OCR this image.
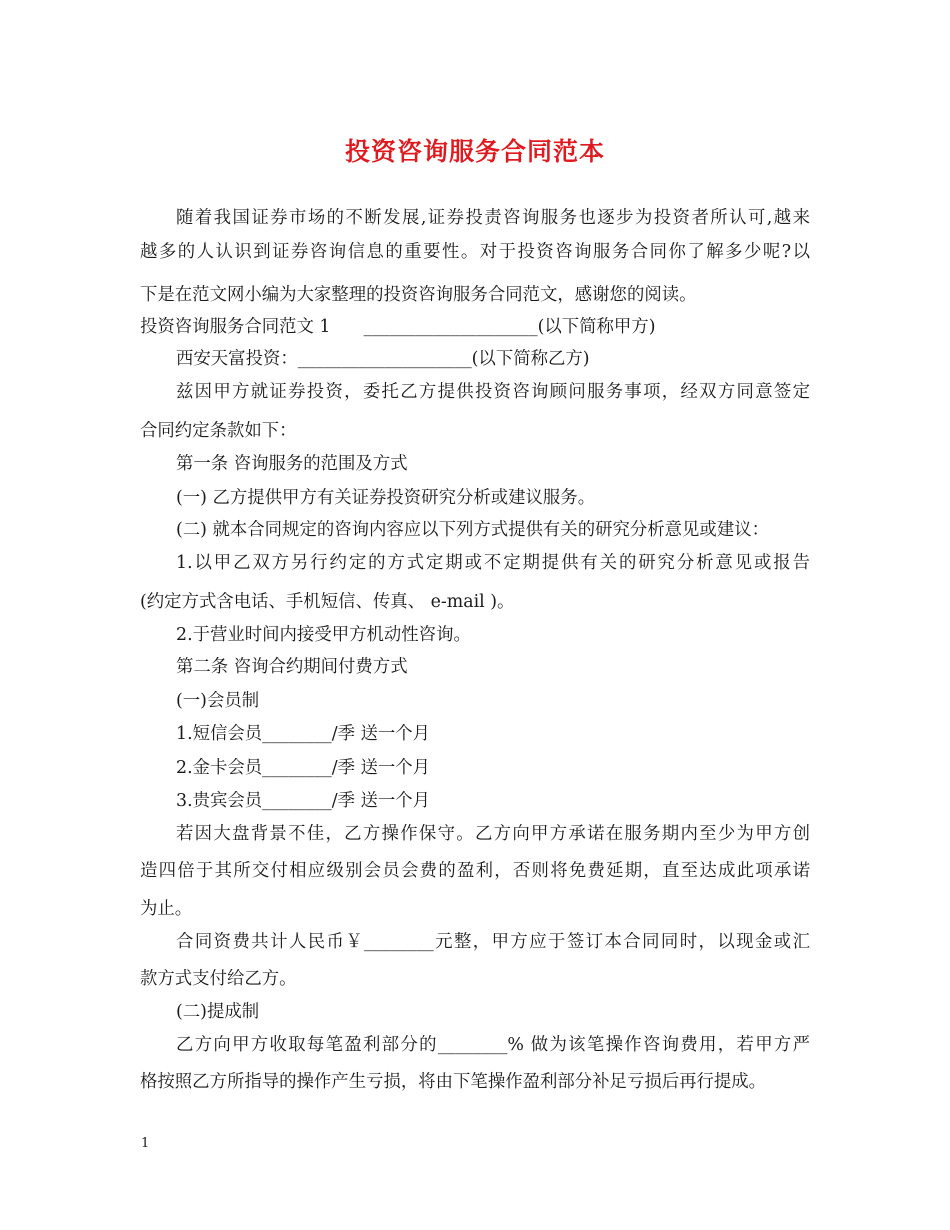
投资咨询服务合同范本

随着我国证券市场的不断发展,证券投责咨询服务也逐步为投资者所认可,越来

越多的人认识到证券咨询信息的重要性。对于投资咨询服务合同你了解多少呢?以

下是在范文网小编为大家整理的投资咨询服务合同范文，感谢您的阅读。

投资咨询服务合同范文 1      ____________________(以下简称甲方)

西安天富投资：____________________(以下简称乙方)

兹因甲方就证券投资，委托乙方提供投资咨询顾问服务事项，经双方同意签定

合同约定条款如下：

第一条 咨询服务的范围及方式

(一) 乙方提供甲方有关证券投资研究分析或建议服务。

(二) 就本合同规定的咨询内容应以下列方式提供有关的研究分析意见或建议：

1.以甲乙双方另行约定的方式定期或不定期提供有关的研究分析意见或报告

(约定方式含电话、手机短信、传真、 e-mail )。

2.于营业时间内接受甲方机动性咨询。

第二条 咨询合约期间付费方式

(一)会员制

1.短信会员________/季 送一个月

2.金卡会员________/季 送一个月

3.贵宾会员________/季 送一个月

若因大盘背景不佳，乙方操作保守。乙方向甲方承诺在服务期内至少为甲方创

造四倍于其所交付相应级别会员会费的盈利，否则将免费延期，直至达成此项承诺

为止。

合同资费共计人民币￥________元整，甲方应于签订本合同同时，以现金或汇

款方式支付给乙方。

(二)提成制

乙方向甲方收取每笔盈利部分的________% 做为该笔操作咨询费用，若甲方严

格按照乙方所指导的操作产生亏损，将由下笔操作盈利部分补足亏损后再行提成。

1
